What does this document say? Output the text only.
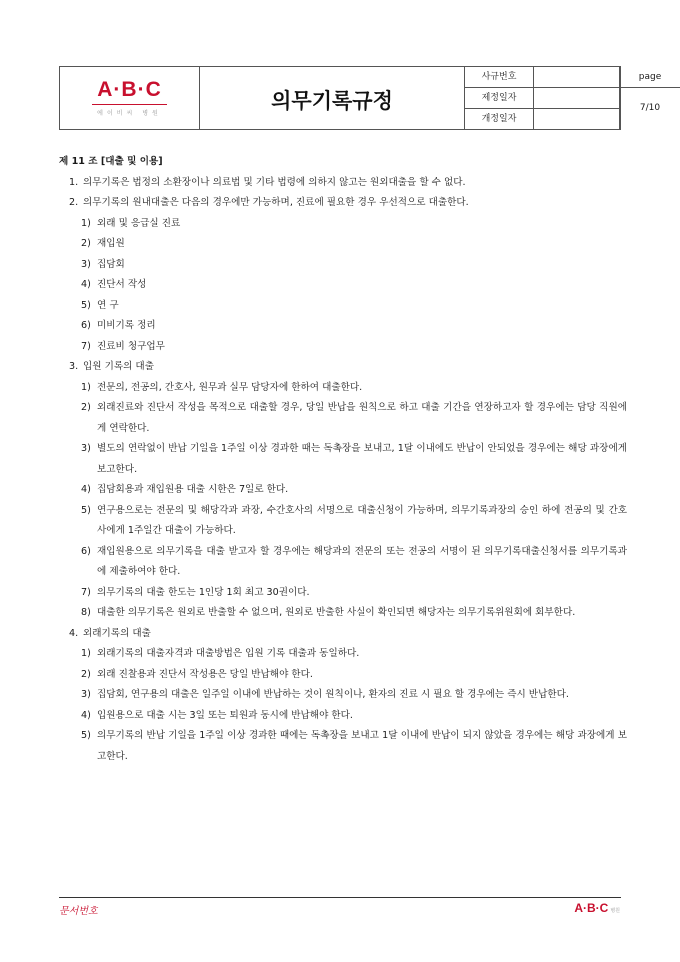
A·B·C
에이비씨 병원
의무기록규정
사규번호
제정일자
개정일자
page
7/10
제 11 조 [대출 및 이용]
1. 의무기록은 법정의 소환장이나 의료법 및 기타 법령에 의하지 않고는 원외대출을 할 수 없다.
2. 의무기록의 원내대출은 다음의 경우에만 가능하며, 진료에 필요한 경우 우선적으로 대출한다.
1) 외래 및 응급실 진료
2) 재입원
3) 집담회
4) 진단서 작성
5) 연 구
6) 미비기록 정리
7) 진료비 청구업무
3. 입원 기록의 대출
1) 전문의, 전공의, 간호사, 원무과 실무 담당자에 한하여 대출한다.
2) 외래진료와 진단서 작성을 목적으로 대출할 경우, 당일 반납을 원칙으로 하고 대출 기간을 연장하고자 할 경우에는 담당 직원에게 연락한다.
3) 별도의 연락없이 반납 기일을 1주일 이상 경과한 때는 독촉장을 보내고, 1달 이내에도 반납이 안되었을 경우에는 해당 과장에게 보고한다.
4) 집담회용과 재입원용 대출 시한은 7일로 한다.
5) 연구용으로는 전문의 및 해당각과 과장, 수간호사의 서명으로 대출신청이 가능하며, 의무기록과장의 승인 하에 전공의 및 간호사에게 1주일간 대출이 가능하다.
6) 재입원용으로 의무기록을 대출 받고자 할 경우에는 해당과의 전문의 또는 전공의 서명이 된 의무기록대출신청서를 의무기록과에 제출하여야 한다.
7) 의무기록의 대출 한도는 1인당 1회 최고 30권이다.
8) 대출한 의무기록은 원외로 반출할 수 없으며, 원외로 반출한 사실이 확인되면 해당자는 의무기록위원회에 회부한다.
4. 외래기록의 대출
1) 외래기록의 대출자격과 대출방법은 입원 기록 대출과 동일하다.
2) 외래 진찰용과 진단서 작성용은 당일 반납해야 한다.
3) 집담회, 연구용의 대출은 일주일 이내에 반납하는 것이 원칙이나, 환자의 진료 시 필요 할 경우에는 즉시 반납한다.
4) 입원용으로 대출 시는 3일 또는 퇴원과 동시에 반납해야 한다.
5) 의무기록의 반납 기일을 1주일 이상 경과한 때에는 독촉장을 보내고 1달 이내에 반납이 되지 않았을 경우에는 해당 과장에게 보고한다.
문서번호	A·B·C 병원
